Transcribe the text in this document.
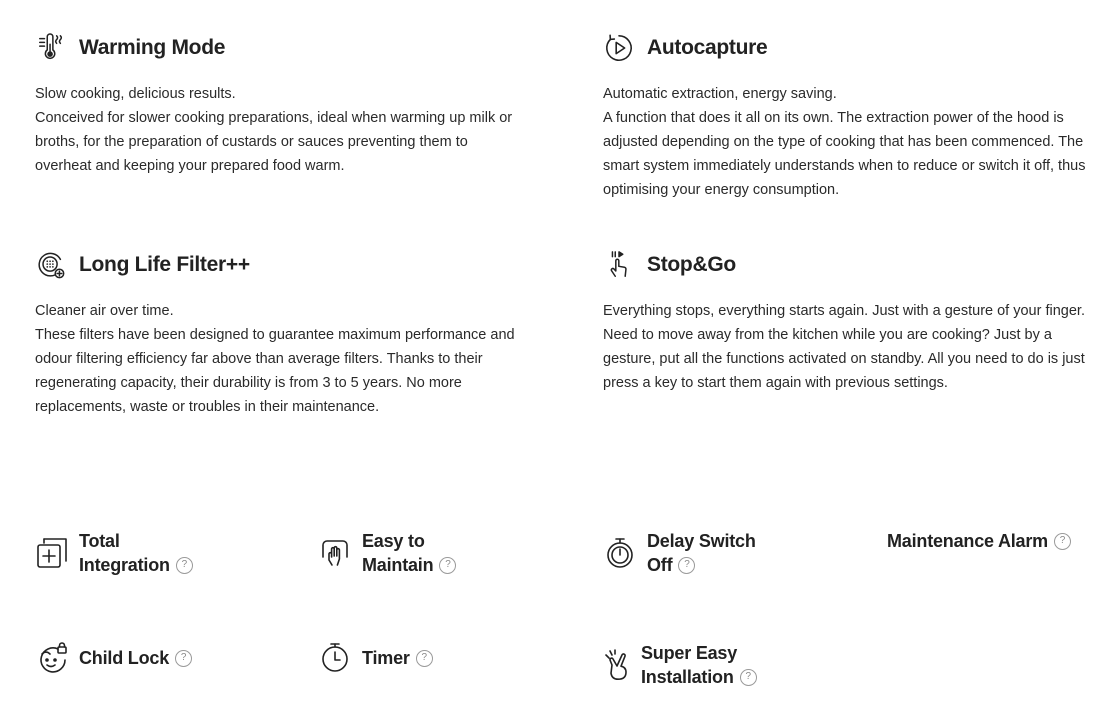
Warming Mode

Slow cooking, delicious results.

Conceived for slower cooking preparations, ideal when warming up milk or broths, for the preparation of custards or sauces preventing them to overheat and keeping your prepared food warm.

Autocapture

Automatic extraction, energy saving.

A function that does it all on its own. The extraction power of the hood is adjusted depending on the type of cooking that has been commenced. The smart system immediately understands when to reduce or switch it off, thus optimising your energy consumption.

Long Life Filter++

Cleaner air over time.

These filters have been designed to guarantee maximum performance and odour filtering efficiency far above than average filters. Thanks to their regenerating capacity, their durability is from 3 to 5 years. No more replacements, waste or troubles in their maintenance.

Stop&Go

Everything stops, everything starts again. Just with a gesture of your finger.

Need to move away from the kitchen while you are cooking? Just by a gesture, put all the functions activated on standby. All you need to do is just press a key to start them again with previous settings.

Total
Integration ?
Easy to
Maintain ?
Delay Switch
Off ?
Maintenance Alarm ?
Child Lock ?	Timer ?	Super Easy
Installation ?
